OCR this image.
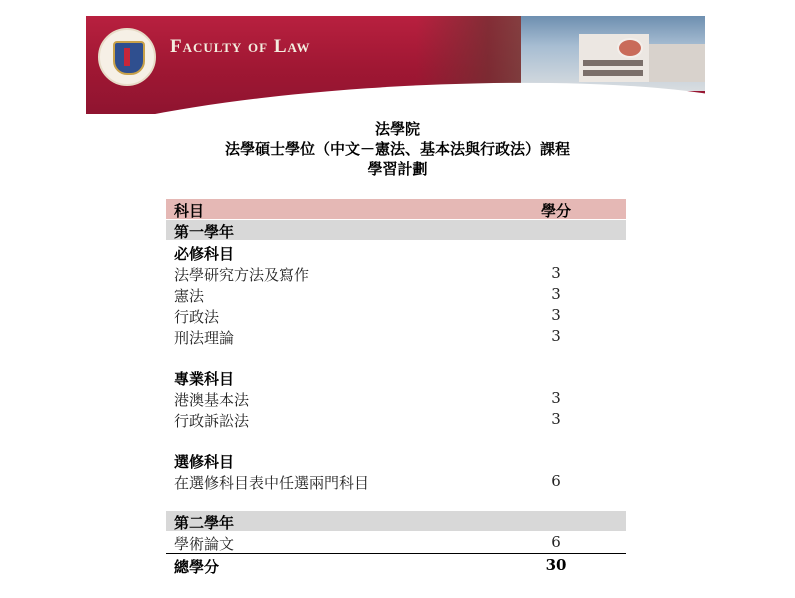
Faculty of Law
法學院
法學碩士學位（中文－憲法、基本法與行政法）課程
學習計劃
科目	學分
第一學年
必修科目
法學研究方法及寫作	3
憲法	3
行政法	3
刑法理論	3
專業科目
港澳基本法	3
行政訴訟法	3
選修科目
在選修科目表中任選兩門科目	6
第二學年
學術論文	6
總學分	30
